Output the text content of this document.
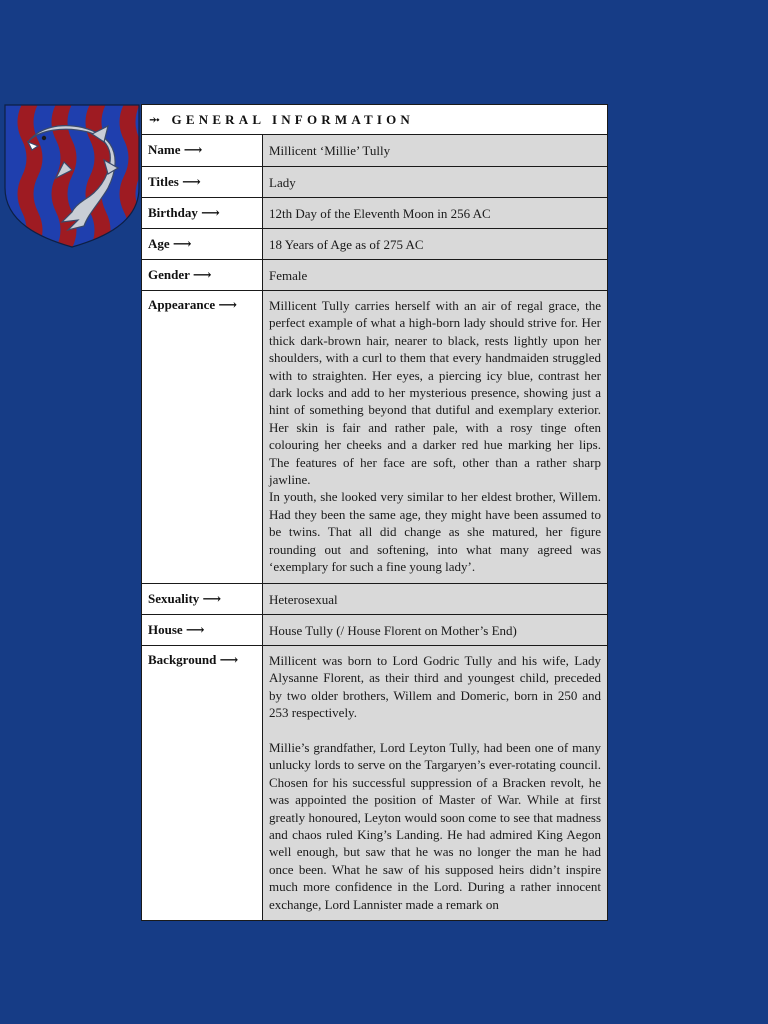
⤞ GENERAL INFORMATION
Name ⟶	Millicent ‘Millie’ Tully
Titles ⟶	Lady
Birthday ⟶	12th Day of the Eleventh Moon in 256 AC
Age ⟶	18 Years of Age as of 275 AC
Gender ⟶	Female
Appearance ⟶	Millicent Tully carries herself with an air of regal grace, the perfect example of what a high-born lady should strive for. Her thick dark-brown hair, nearer to black, rests lightly upon her shoulders, with a curl to them that every handmaiden struggled with to straighten. Her eyes, a piercing icy blue, contrast her dark locks and add to her mysterious presence, showing just a hint of something beyond that dutiful and exemplary exterior. Her skin is fair and rather pale, with a rosy tinge often colouring her cheeks and a darker red hue marking her lips. The features of her face are soft, other than a rather sharp jawline.

In youth, she looked very similar to her eldest brother, Willem. Had they been the same age, they might have been assumed to be twins. That all did change as she matured, her figure rounding out and softening, into what many agreed was ‘exemplary for such a fine young lady’.

Sexuality ⟶	Heterosexual
House ⟶	House Tully (/ House Florent on Mother’s End)
Background ⟶	Millicent was born to Lord Godric Tully and his wife, Lady Alysanne Florent, as their third and youngest child, preceded by two older brothers, Willem and Domeric, born in 250 and 253 respectively.

Millie’s grandfather, Lord Leyton Tully, had been one of many unlucky lords to serve on the Targaryen’s ever-rotating council. Chosen for his successful suppression of a Bracken revolt, he was appointed the position of Master of War. While at first greatly honoured, Leyton would soon come to see that madness and chaos ruled King’s Landing. He had admired King Aegon well enough, but saw that he was no longer the man he had once been. What he saw of his supposed heirs didn’t inspire much more confidence in the Lord. During a rather innocent exchange, Lord Lannister made a remark on
